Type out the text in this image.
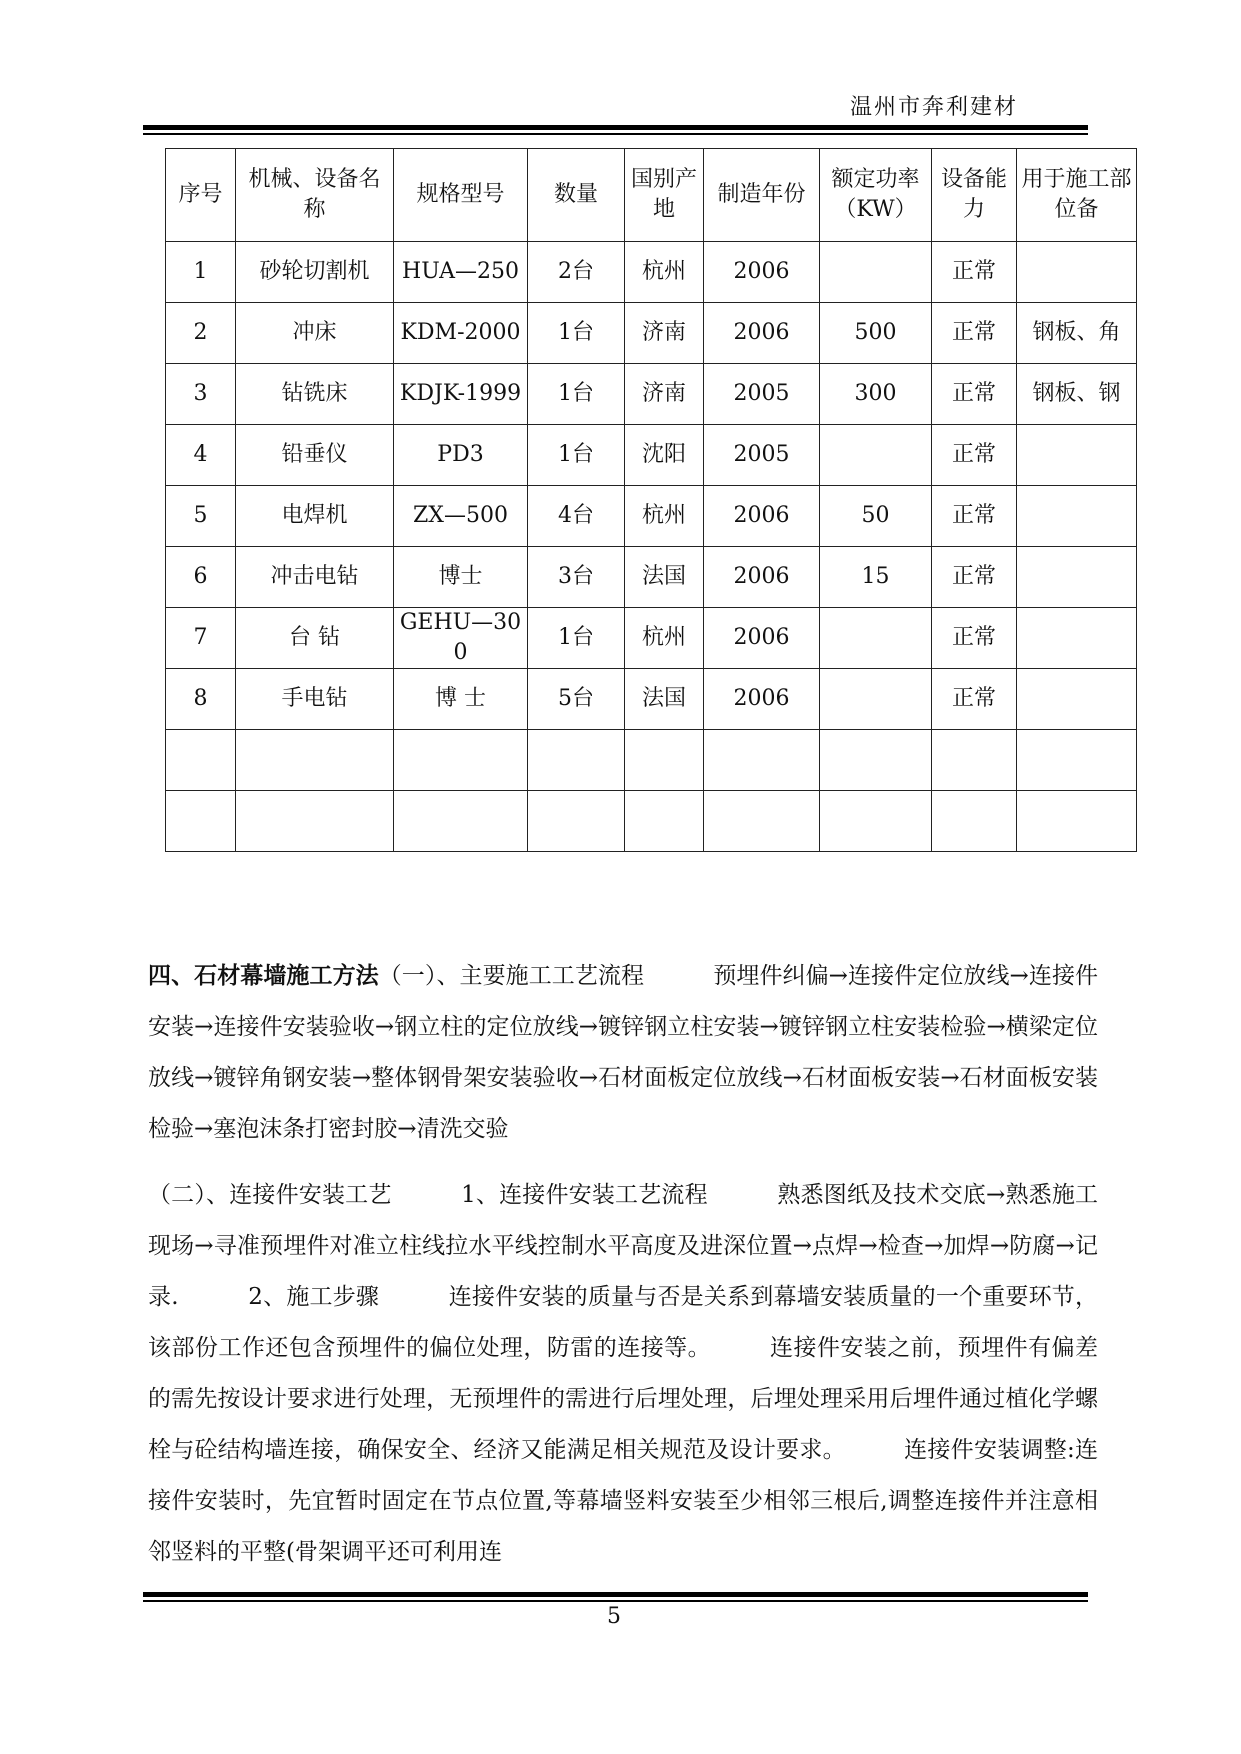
温州市奔利建材
序号	机械、设备名称	规格型号	数量	国别产地	制造年份	额定功率（KW）	设备能力	用于施工部位备
1	砂轮切割机	HUA—250	2台	杭州	2006		正常	
2	冲床	KDM-2000	1台	济南	2006	500	正常	钢板、角
3	钻铣床	KDJK-1999	1台	济南	2005	300	正常	钢板、钢
4	铅垂仪	PD3	1台	沈阳	2005		正常	
5	电焊机	ZX—500	4台	杭州	2006	50	正常	
6	冲击电钻	博士	3台	法国	2006	15	正常	
7	台 钻	GEHU—300	1台	杭州	2006		正常	
8	手电钻	博 士	5台	法国	2006		正常	

四、石材幕墙施工方法（一）、主要施工工艺流程　　　预埋件纠偏→连接件定位放线→连接件安装→连接件安装验收→钢立柱的定位放线→镀锌钢立柱安装→镀锌钢立柱安装检验→横梁定位放线→镀锌角钢安装→整体钢骨架安装验收→石材面板定位放线→石材面板安装→石材面板安装检验→塞泡沫条打密封胶→清洗交验
（二）、连接件安装工艺　　　1、连接件安装工艺流程　　　熟悉图纸及技术交底→熟悉施工现场→寻准预埋件对准立柱线拉水平线控制水平高度及进深位置→点焊→检查→加焊→防腐→记录.　　　2、施工步骤　　　连接件安装的质量与否是关系到幕墙安装质量的一个重要环节，该部份工作还包含预埋件的偏位处理，防雷的连接等。　　　连接件安装之前，预埋件有偏差的需先按设计要求进行处理，无预埋件的需进行后埋处理，后埋处理采用后埋件通过植化学螺栓与砼结构墙连接，确保安全、经济又能满足相关规范及设计要求。　　　连接件安装调整:连接件安装时，先宜暂时固定在节点位置,等幕墙竖料安装至少相邻三根后,调整连接件并注意相邻竖料的平整(骨架调平还可利用连
5
